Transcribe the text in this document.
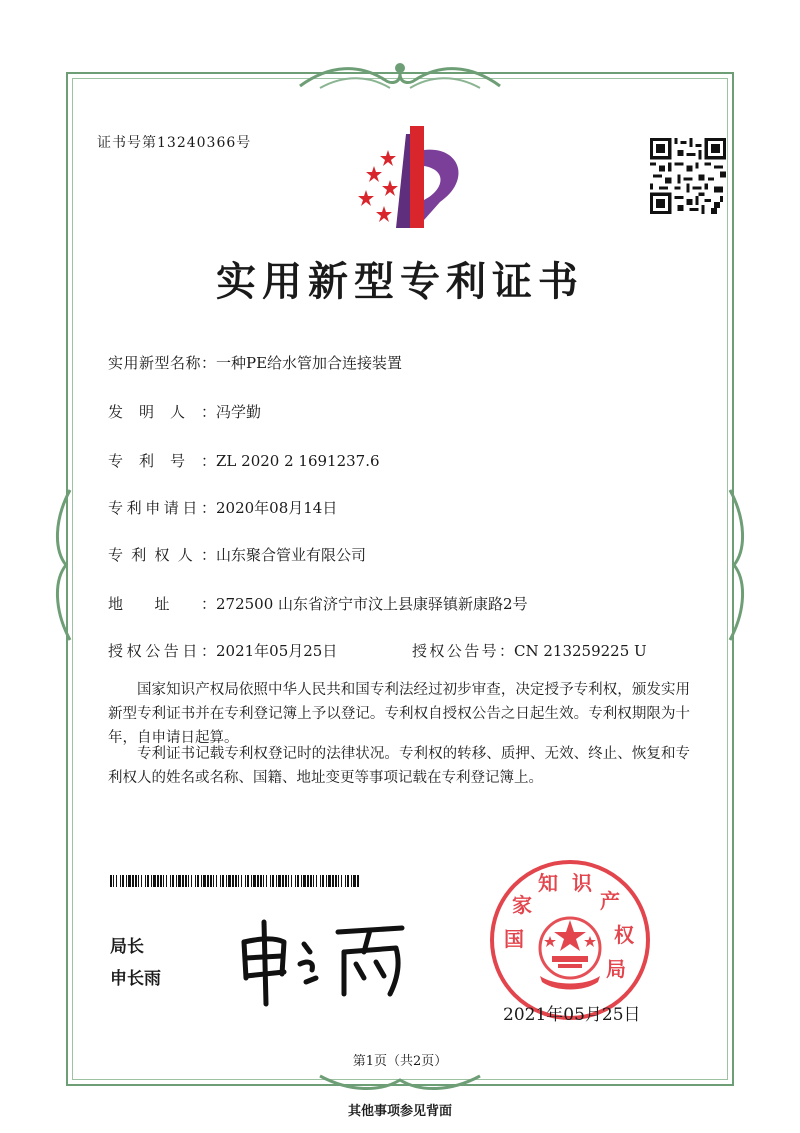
证书号第13240366号
实用新型专利证书
实用新型名称：一种PE给水管加合连接装置
发明人：冯学勤
专利号：ZL 2020 2 1691237.6
专利申请日：2020年08月14日
专利权人：山东聚合管业有限公司
地址：272500 山东省济宁市汶上县康驿镇新康路2号
授权公告日：2021年05月25日	授权公告号：CN 213259225 U
国家知识产权局依照中华人民共和国专利法经过初步审查，决定授予专利权，颁发实用新型专利证书并在专利登记簿上予以登记。专利权自授权公告之日起生效。专利权期限为十年，自申请日起算。
专利证书记载专利权登记时的法律状况。专利权的转移、质押、无效、终止、恢复和专利权人的姓名或名称、国籍、地址变更等事项记载在专利登记簿上。
局长
申长雨
国
家
知 识
产
权
局
2021年05月25日
第1页（共2页）
其他事项参见背面
